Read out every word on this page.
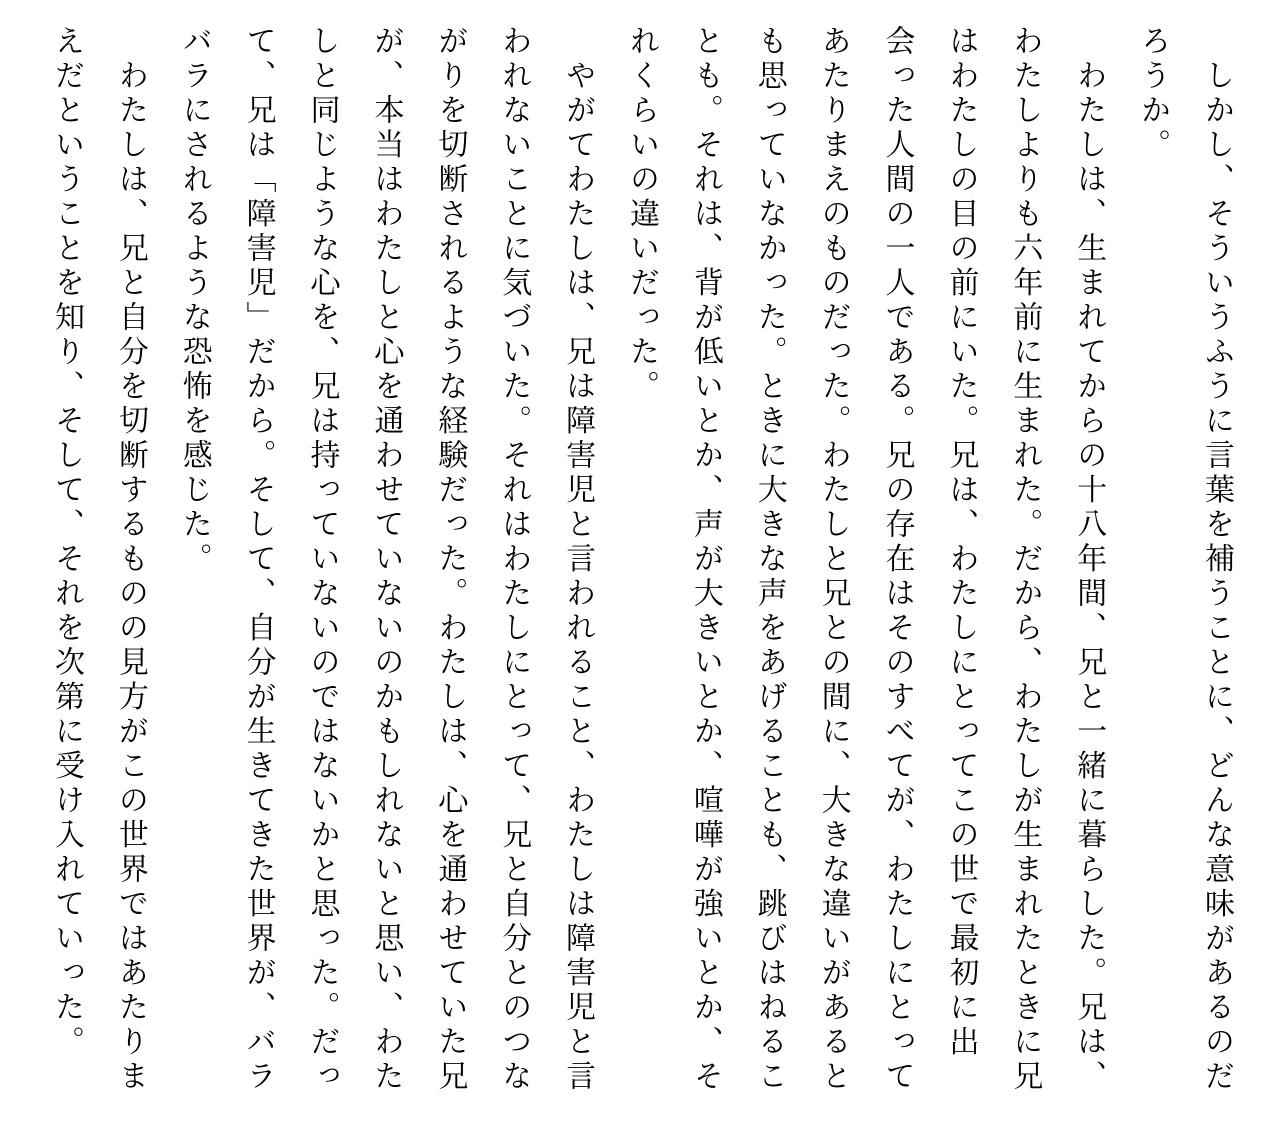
　しかし、そういうふうに言葉を補うことに、どんな意味があるのだ
ろうか。
　わたしは、生まれてからの十八年間、兄と一緒に暮らした。兄は、
わたしよりも六年前に生まれた。だから、わたしが生まれたときに兄
はわたしの目の前にいた。兄は、わたしにとってこの世で最初に出
会った人間の一人である。兄の存在はそのすべてが、わたしにとって
あたりまえのものだった。わたしと兄との間に、大きな違いがあると
も思っていなかった。ときに大きな声をあげることも、跳びはねるこ
とも。それは、背が低いとか、声が大きいとか、喧嘩が強いとか、そ
れくらいの違いだった。
　やがてわたしは、兄は障害児と言われること、わたしは障害児と言
われないことに気づいた。それはわたしにとって、兄と自分とのつな
がりを切断されるような経験だった。わたしは、心を通わせていた兄
が、本当はわたしと心を通わせていないのかもしれないと思い、わた
しと同じような心を、兄は持っていないのではないかと思った。だっ
て、兄は「障害児」だから。そして、自分が生きてきた世界が、バラ
バラにされるような恐怖を感じた。
　わたしは、兄と自分を切断するものの見方がこの世界ではあたりま
えだということを知り、そして、それを次第に受け入れていった。
